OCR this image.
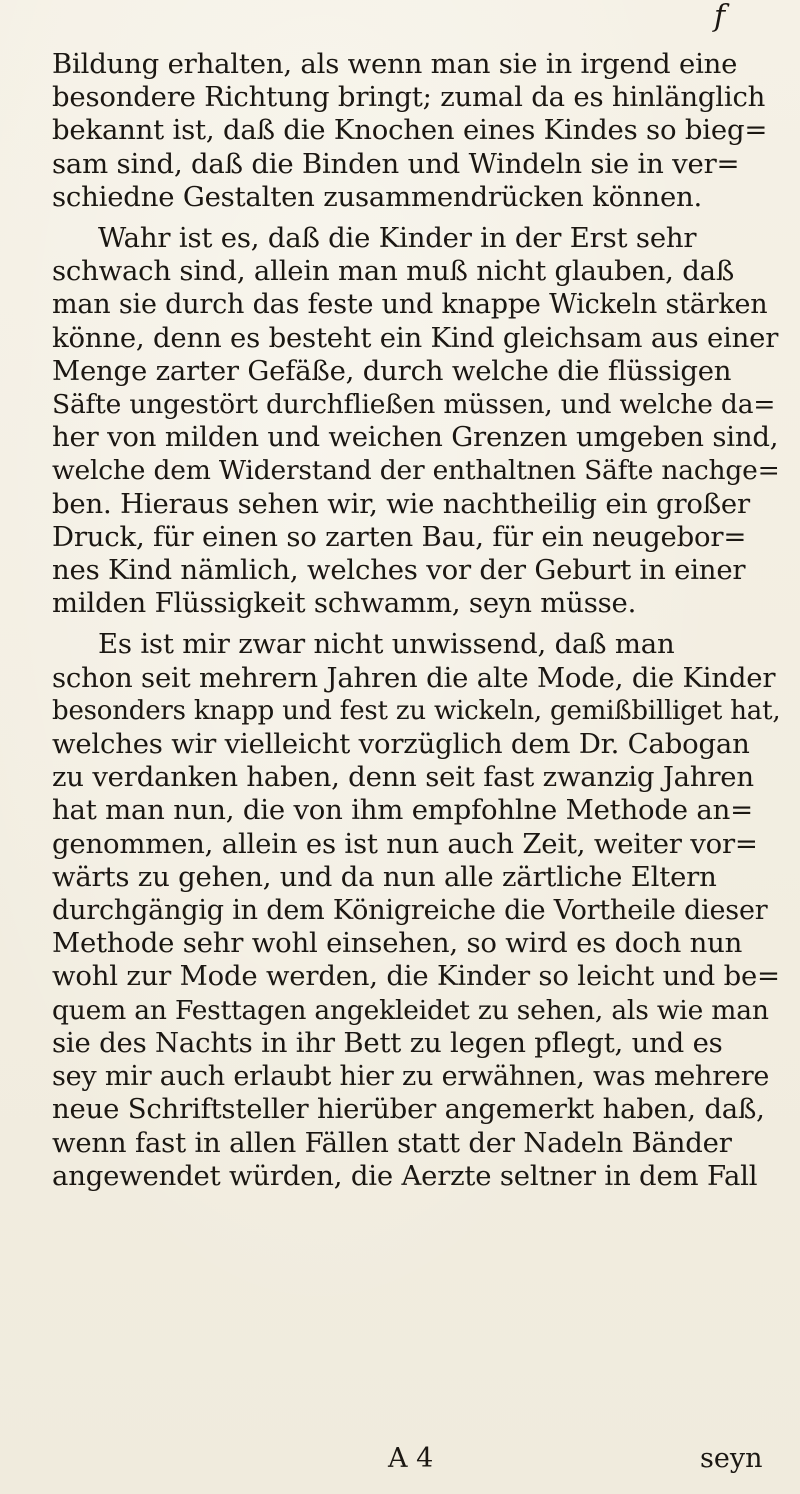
f
Bildung erhalten, als wenn man sie in irgend eine
besondere Richtung bringt; zumal da es hinlänglich
bekannt ist, daß die Knochen eines Kindes so bieg=
sam sind, daß die Binden und Windeln sie in ver=
schiedne Gestalten zusammendrücken können.
Wahr ist es, daß die Kinder in der Erst sehr
schwach sind, allein man muß nicht glauben, daß
man sie durch das feste und knappe Wickeln stärken
könne, denn es besteht ein Kind gleichsam aus einer
Menge zarter Gefäße, durch welche die flüssigen
Säfte ungestört durchfließen müssen, und welche da=
her von milden und weichen Grenzen umgeben sind,
welche dem Widerstand der enthaltnen Säfte nachge=
ben. Hieraus sehen wir, wie nachtheilig ein großer
Druck, für einen so zarten Bau, für ein neugebor=
nes Kind nämlich, welches vor der Geburt in einer
milden Flüssigkeit schwamm, seyn müsse.
Es ist mir zwar nicht unwissend, daß man
schon seit mehrern Jahren die alte Mode, die Kinder
besonders knapp und fest zu wickeln, gemißbilliget hat,
welches wir vielleicht vorzüglich dem Dr. Cabogan
zu verdanken haben, denn seit fast zwanzig Jahren
hat man nun, die von ihm empfohlne Methode an=
genommen, allein es ist nun auch Zeit, weiter vor=
wärts zu gehen, und da nun alle zärtliche Eltern
durchgängig in dem Königreiche die Vortheile dieser
Methode sehr wohl einsehen, so wird es doch nun
wohl zur Mode werden, die Kinder so leicht und be=
quem an Festtagen angekleidet zu sehen, als wie man
sie des Nachts in ihr Bett zu legen pflegt, und es
sey mir auch erlaubt hier zu erwähnen, was mehrere
neue Schriftsteller hierüber angemerkt haben, daß,
wenn fast in allen Fällen statt der Nadeln Bänder
angewendet würden, die Aerzte seltner in dem Fall
A 4	seyn
